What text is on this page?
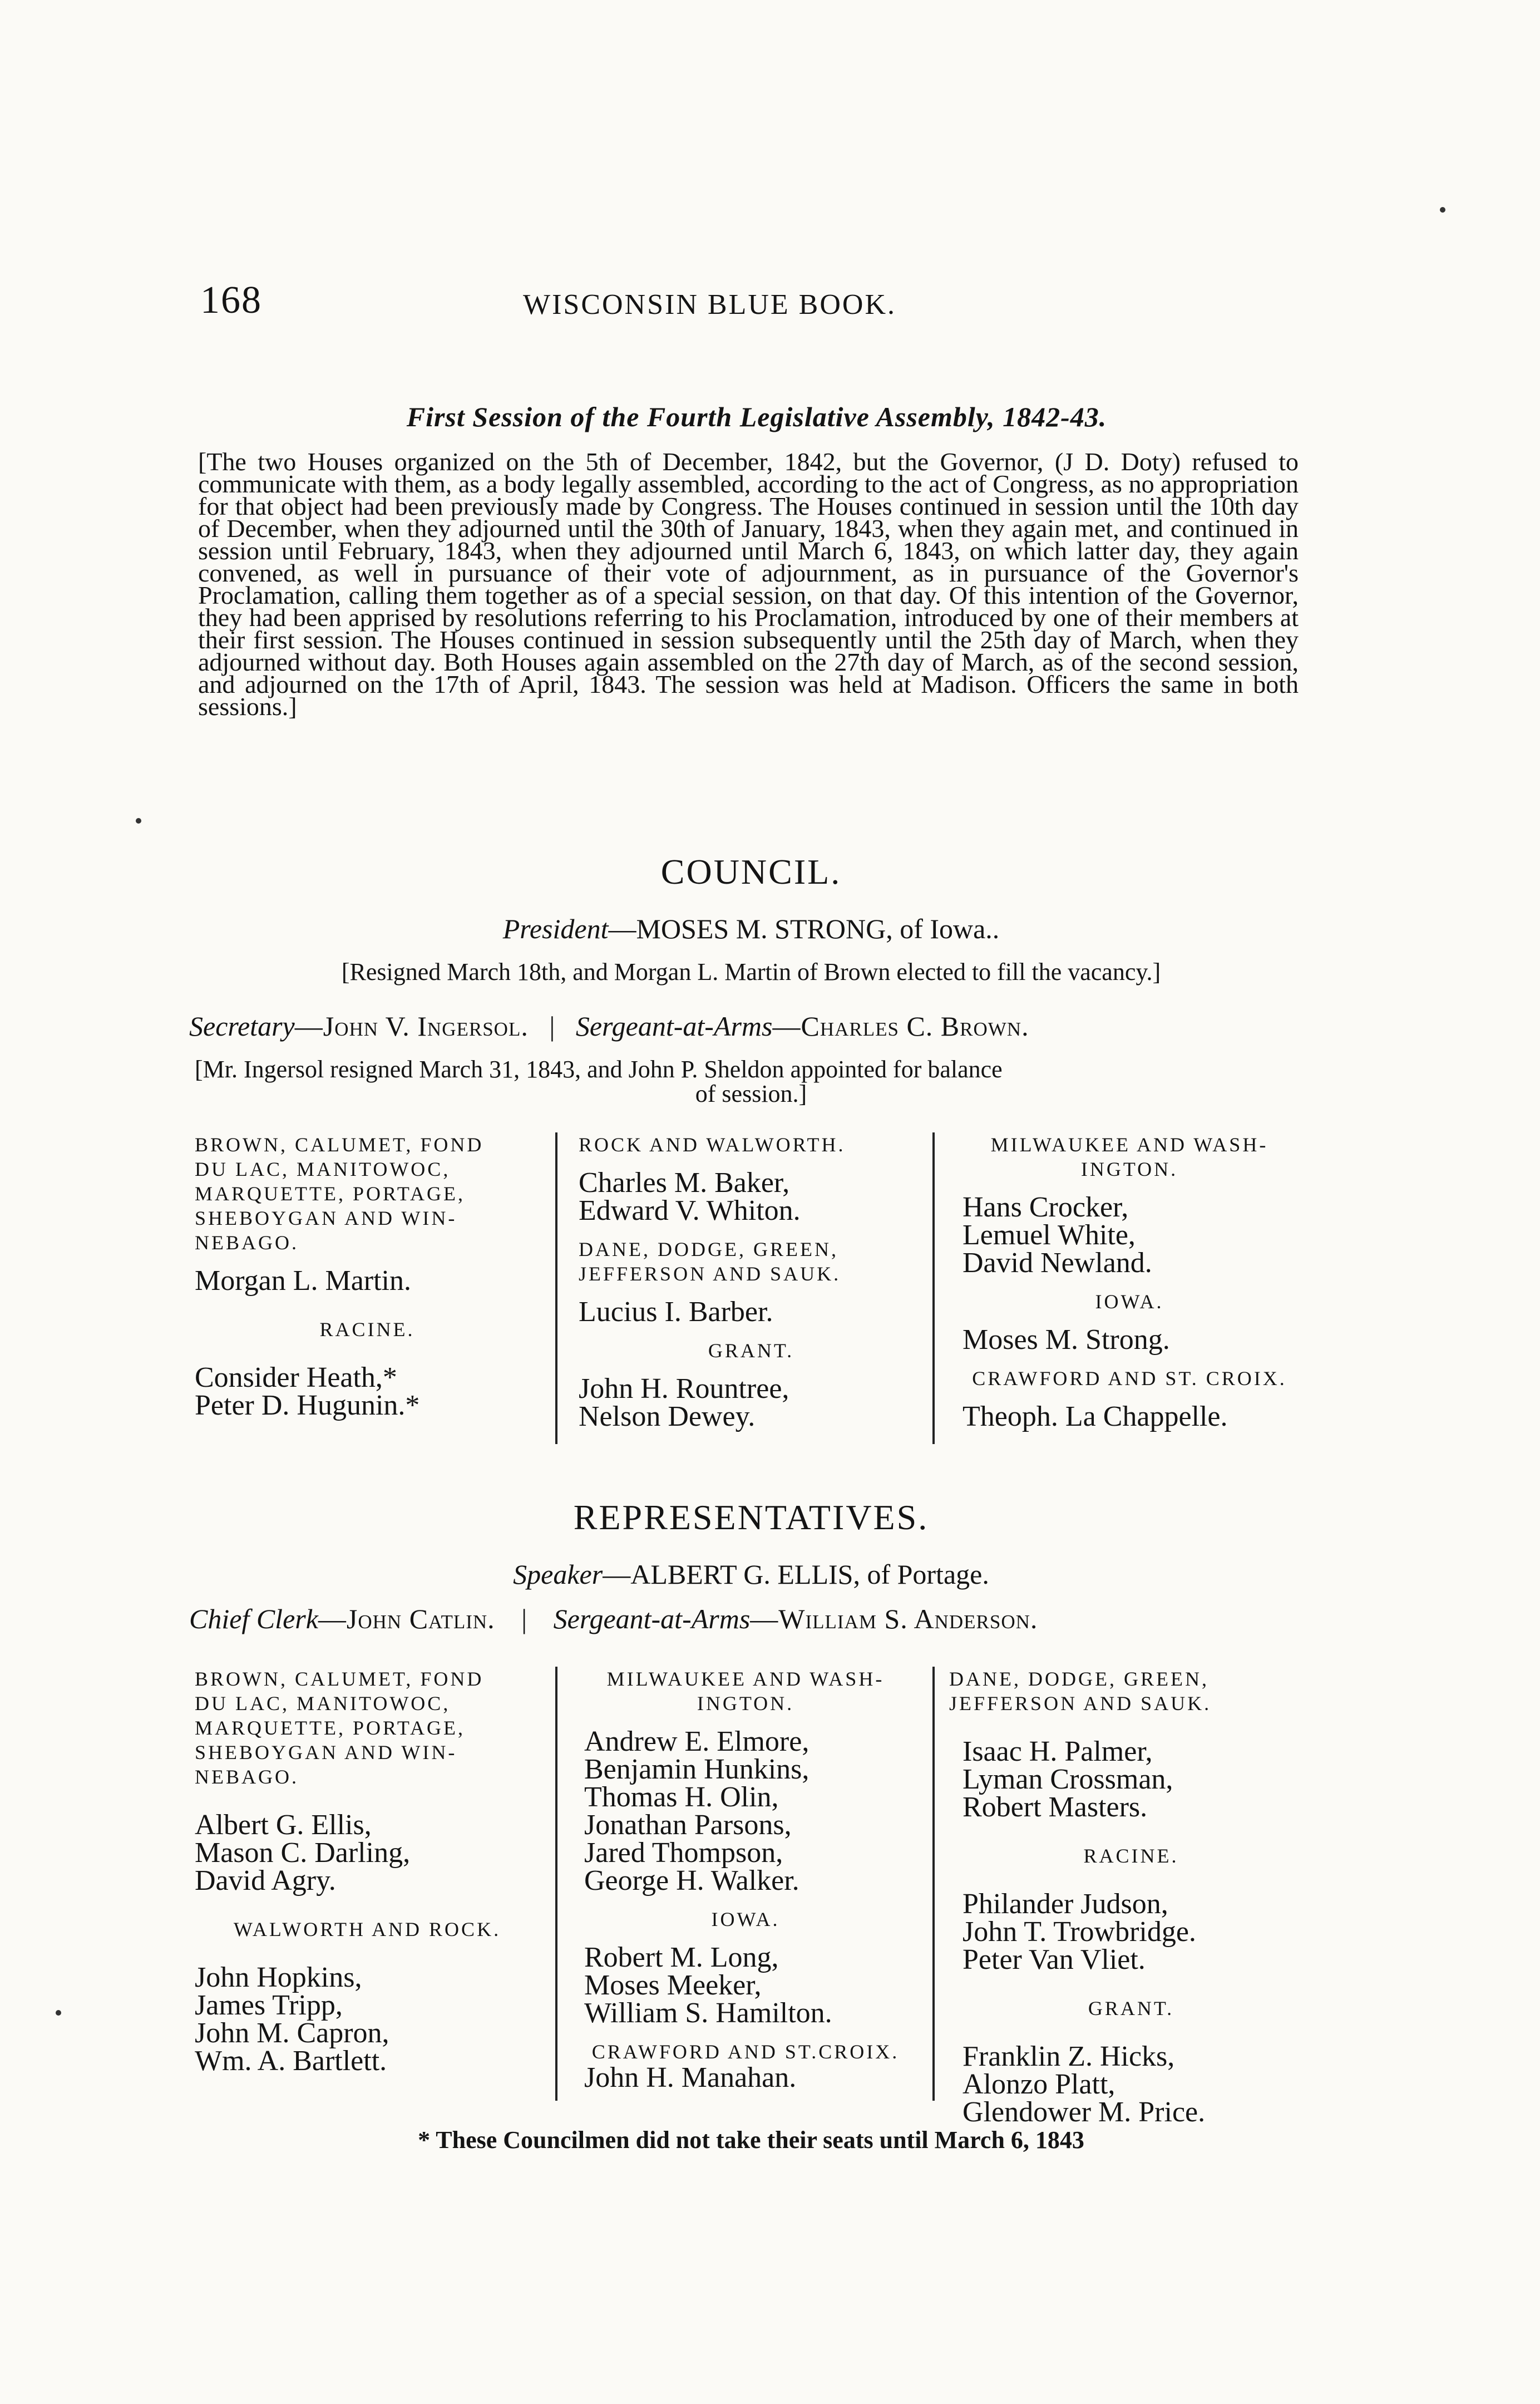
168	WISCONSIN BLUE BOOK.
First Session of the Fourth Legislative Assembly, 1842-43.
[The two Houses organized on the 5th of December, 1842, but the Governor, (J D. Doty) refused to communicate with them, as a body legally assembled, according to the act of Congress, as no appropriation for that object had been previously made by Congress. The Houses continued in session until the 10th day of December, when they adjourned until the 30th of January, 1843, when they again met, and continued in session until February, 1843, when they adjourned until March 6, 1843, on which latter day, they again convened, as well in pursuance of their vote of adjournment, as in pursuance of the Governor's Proclamation, calling them together as of a special session, on that day. Of this intention of the Governor, they had been apprised by resolutions referring to his Proclamation, introduced by one of their members at their first session. The Houses continued in session subsequently until the 25th day of March, when they adjourned without day. Both Houses again assembled on the 27th day of March, as of the second session, and adjourned on the 17th of April, 1843. The session was held at Madison. Officers the same in both sessions.]
COUNCIL.
President—MOSES M. STRONG, of Iowa..
[Resigned March 18th, and Morgan L. Martin of Brown elected to fill the vacancy.]
Secretary—John V. Ingersol. | Sergeant-at-Arms—Charles C. Brown.
[Mr. Ingersol resigned March 31, 1843, and John P. Sheldon appointed for balance
of session.]
BROWN, CALUMET, FOND
DU LAC, MANITOWOC,
MARQUETTE, PORTAGE,
SHEBOYGAN AND WIN-
NEBAGO.
Morgan L. Martin.
RACINE.
Consider Heath,*
Peter D. Hugunin.*
ROCK AND WALWORTH.
Charles M. Baker,
Edward V. Whiton.
DANE, DODGE, GREEN,
JEFFERSON AND SAUK.
Lucius I. Barber.
GRANT.
John H. Rountree,
Nelson Dewey.
MILWAUKEE AND WASH-
INGTON.
Hans Crocker,
Lemuel White,
David Newland.
IOWA.
Moses M. Strong.
CRAWFORD AND ST. CROIX.
Theoph. La Chappelle.
REPRESENTATIVES.
Speaker—ALBERT G. ELLIS, of Portage.
Chief Clerk—John Catlin. | Sergeant-at-Arms—William S. Anderson.
BROWN, CALUMET, FOND
DU LAC, MANITOWOC,
MARQUETTE, PORTAGE,
SHEBOYGAN AND WIN-
NEBAGO.
Albert G. Ellis,
Mason C. Darling,
David Agry.
WALWORTH AND ROCK.
John Hopkins,
James Tripp,
John M. Capron,
Wm. A. Bartlett.
MILWAUKEE AND WASH-
INGTON.
Andrew E. Elmore,
Benjamin Hunkins,
Thomas H. Olin,
Jonathan Parsons,
Jared Thompson,
George H. Walker.
IOWA.
Robert M. Long,
Moses Meeker,
William S. Hamilton.
CRAWFORD AND ST.CROIX.
John H. Manahan.
DANE, DODGE, GREEN,
JEFFERSON AND SAUK.
Isaac H. Palmer,
Lyman Crossman,
Robert Masters.
RACINE.
Philander Judson,
John T. Trowbridge.
Peter Van Vliet.
GRANT.
Franklin Z. Hicks,
Alonzo Platt,
Glendower M. Price.
* These Councilmen did not take their seats until March 6, 1843
